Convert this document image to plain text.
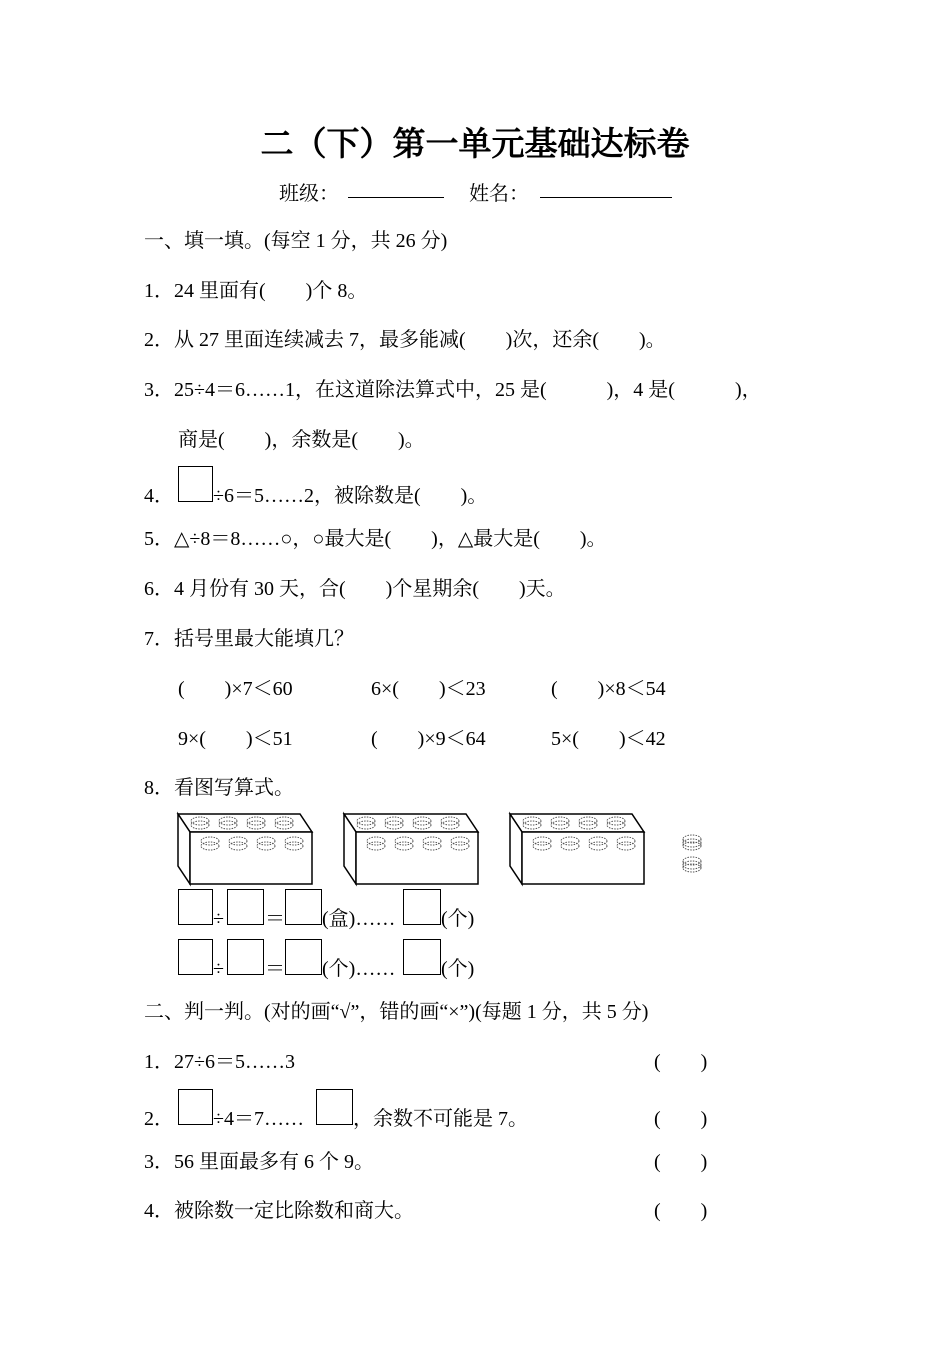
二（下）第一单元基础达标卷
班级：	姓名：
一、填一填。(每空 1 分，共 26 分)
1．24 里面有(　　)个 8。
2．从 27 里面连续减去 7，最多能减(　　)次，还余(　　)。
3．25÷4＝6……1，在这道除法算式中，25 是(　　　)，4 是(　　　)，
商是(　　)，余数是(　　)。
4． ÷6＝5……2，被除数是(　　)。
5．△÷8＝8……○，○最大是(　　)，△最大是(　　)。
6．4 月份有 30 天，合(　　)个星期余(　　)天。
7．括号里最大能填几？
(　　)×7＜60	6×(　　)＜23	(　　)×8＜54
9×(　　)＜51	(　　)×9＜64	5×(　　)＜42
8．看图写算式。
÷ ＝ (盒)…… (个)
÷ ＝ (个)…… (个)
二、判一判。(对的画“√”，错的画“×”)(每题 1 分，共 5 分)
1．27÷6＝5……3	(　　)
2． ÷4＝7…… ，余数不可能是 7。	(　　)
3．56 里面最多有 6 个 9。	(　　)
4．被除数一定比除数和商大。	(　　)
